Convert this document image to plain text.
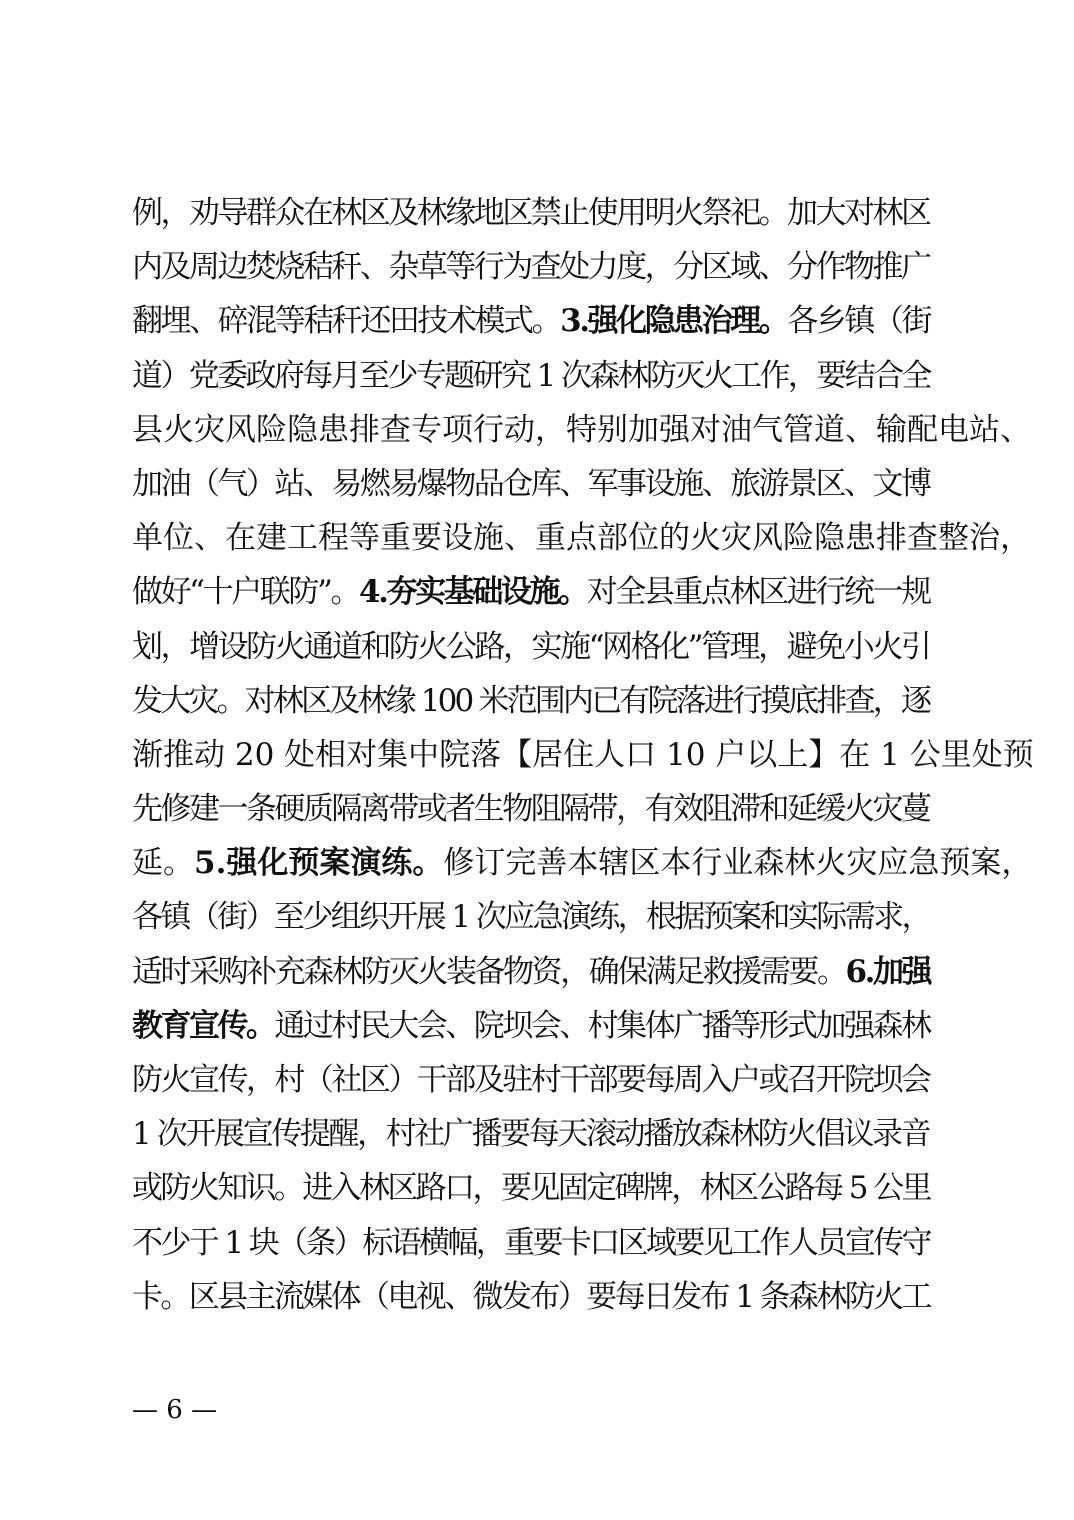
例，劝导群众在林区及林缘地区禁止使用明火祭祀。加大对林区
内及周边焚烧秸秆、杂草等行为查处力度，分区域、分作物推广
翻埋、碎混等秸秆还田技术模式。3.强化隐患治理。各乡镇（街
道）党委政府每月至少专题研究 1 次森林防灭火工作，要结合全
县火灾风险隐患排查专项行动，特别加强对油气管道、输配电站、
加油（气）站、易燃易爆物品仓库、军事设施、旅游景区、文博
单位、在建工程等重要设施、重点部位的火灾风险隐患排查整治，
做好“十户联防”。4.夯实基础设施。对全县重点林区进行统一规
划，增设防火通道和防火公路，实施“网格化”管理，避免小火引
发大灾。对林区及林缘 100 米范围内已有院落进行摸底排查，逐
渐推动 20 处相对集中院落【居住人口 10 户以上】在 1 公里处预
先修建一条硬质隔离带或者生物阻隔带，有效阻滞和延缓火灾蔓
延。5.强化预案演练。修订完善本辖区本行业森林火灾应急预案，
各镇（街）至少组织开展 1 次应急演练，根据预案和实际需求，
适时采购补充森林防灭火装备物资，确保满足救援需要。6.加强
教育宣传。通过村民大会、院坝会、村集体广播等形式加强森林
防火宣传，村（社区）干部及驻村干部要每周入户或召开院坝会
1 次开展宣传提醒，村社广播要每天滚动播放森林防火倡议录音
或防火知识。进入林区路口，要见固定碑牌，林区公路每 5 公里
不少于 1 块（条）标语横幅，重要卡口区域要见工作人员宣传守
卡。区县主流媒体（电视、微发布）要每日发布 1 条森林防火工
— 6 —
